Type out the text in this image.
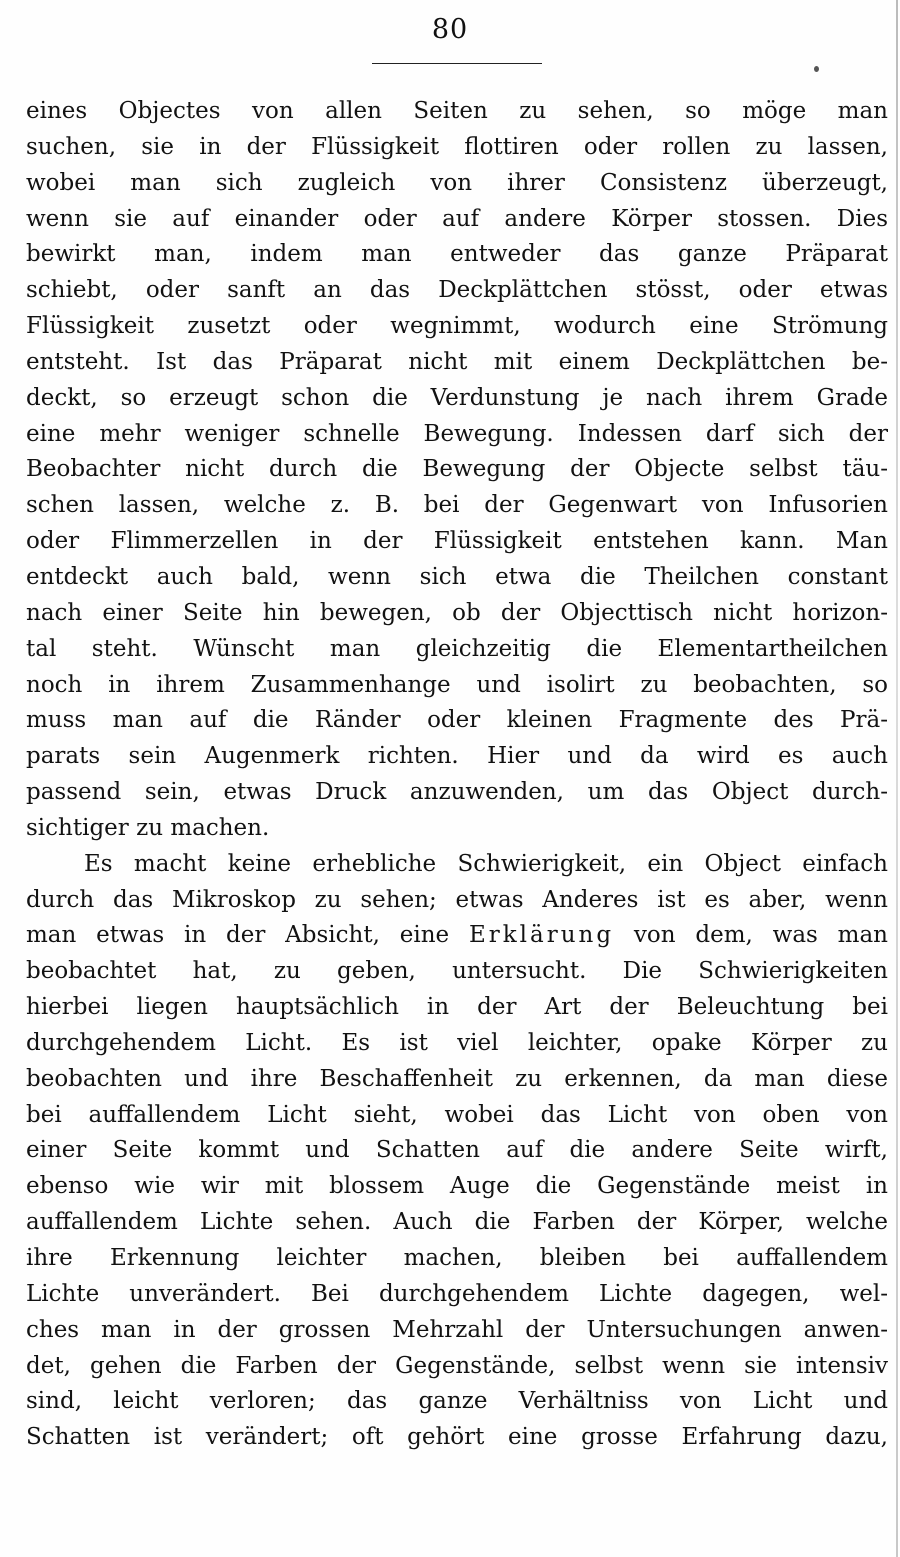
80
eines Objectes von allen Seiten zu sehen, so möge man
suchen, sie in der Flüssigkeit flottiren oder rollen zu lassen,
wobei man sich zugleich von ihrer Consistenz überzeugt,
wenn sie auf einander oder auf andere Körper stossen. Dies
bewirkt man, indem man entweder das ganze Präparat
schiebt, oder sanft an das Deckplättchen stösst, oder etwas
Flüssigkeit zusetzt oder wegnimmt, wodurch eine Strömung
entsteht. Ist das Präparat nicht mit einem Deckplättchen be-
deckt, so erzeugt schon die Verdunstung je nach ihrem Grade
eine mehr weniger schnelle Bewegung. Indessen darf sich der
Beobachter nicht durch die Bewegung der Objecte selbst täu-
schen lassen, welche z. B. bei der Gegenwart von Infusorien
oder Flimmerzellen in der Flüssigkeit entstehen kann. Man
entdeckt auch bald, wenn sich etwa die Theilchen constant
nach einer Seite hin bewegen, ob der Objecttisch nicht horizon-
tal steht. Wünscht man gleichzeitig die Elementartheilchen
noch in ihrem Zusammenhange und isolirt zu beobachten, so
muss man auf die Ränder oder kleinen Fragmente des Prä-
parats sein Augenmerk richten. Hier und da wird es auch
passend sein, etwas Druck anzuwenden, um das Object durch-
sichtiger zu machen.
Es macht keine erhebliche Schwierigkeit, ein Object einfach
durch das Mikroskop zu sehen; etwas Anderes ist es aber, wenn
man etwas in der Absicht, eine Erklärung von dem, was man
beobachtet hat, zu geben, untersucht. Die Schwierigkeiten
hierbei liegen hauptsächlich in der Art der Beleuchtung bei
durchgehendem Licht. Es ist viel leichter, opake Körper zu
beobachten und ihre Beschaffenheit zu erkennen, da man diese
bei auffallendem Licht sieht, wobei das Licht von oben von
einer Seite kommt und Schatten auf die andere Seite wirft,
ebenso wie wir mit blossem Auge die Gegenstände meist in
auffallendem Lichte sehen. Auch die Farben der Körper, welche
ihre Erkennung leichter machen, bleiben bei auffallendem
Lichte unverändert. Bei durchgehendem Lichte dagegen, wel-
ches man in der grossen Mehrzahl der Untersuchungen anwen-
det, gehen die Farben der Gegenstände, selbst wenn sie intensiv
sind, leicht verloren; das ganze Verhältniss von Licht und
Schatten ist verändert; oft gehört eine grosse Erfahrung dazu,
